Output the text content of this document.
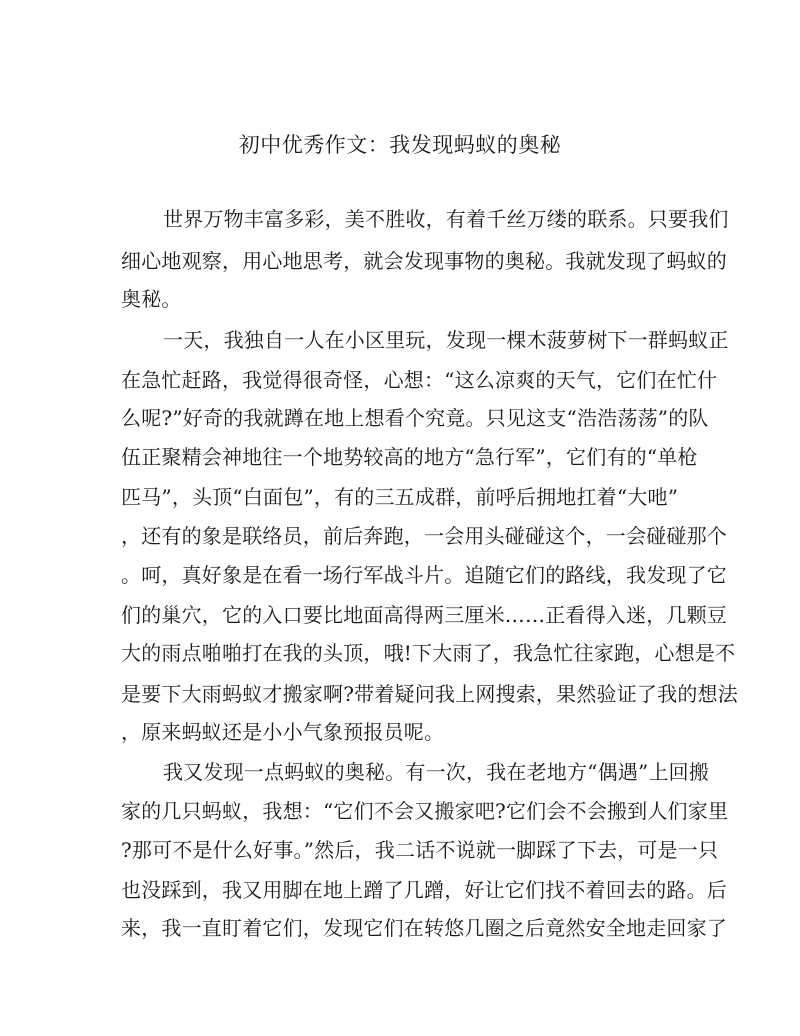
初中优秀作文：我发现蚂蚁的奥秘
世界万物丰富多彩，美不胜收，有着千丝万缕的联系。只要我们
细心地观察，用心地思考，就会发现事物的奥秘。我就发现了蚂蚁的
奥秘。
一天，我独自一人在小区里玩，发现一棵木菠萝树下一群蚂蚁正
在急忙赶路，我觉得很奇怪，心想：“这么凉爽的天气，它们在忙什
么呢?”好奇的我就蹲在地上想看个究竟。只见这支“浩浩荡荡”的队
伍正聚精会神地往一个地势较高的地方“急行军”，它们有的“单枪
匹马”，头顶“白面包”，有的三五成群，前呼后拥地扛着“大吔”
，还有的象是联络员，前后奔跑，一会用头碰碰这个，一会碰碰那个
。呵，真好象是在看一场行军战斗片。追随它们的路线，我发现了它
们的巢穴，它的入口要比地面高得两三厘米……正看得入迷，几颗豆
大的雨点啪啪打在我的头顶，哦!下大雨了，我急忙往家跑，心想是不
是要下大雨蚂蚁才搬家啊?带着疑问我上网搜索，果然验证了我的想法
，原来蚂蚁还是小小气象预报员呢。
我又发现一点蚂蚁的奥秘。有一次，我在老地方“偶遇”上回搬
家的几只蚂蚁，我想：“它们不会又搬家吧?它们会不会搬到人们家里
?那可不是什么好事。”然后，我二话不说就一脚踩了下去，可是一只
也没踩到，我又用脚在地上蹭了几蹭，好让它们找不着回去的路。后
来，我一直盯着它们，发现它们在转悠几圈之后竟然安全地走回家了
